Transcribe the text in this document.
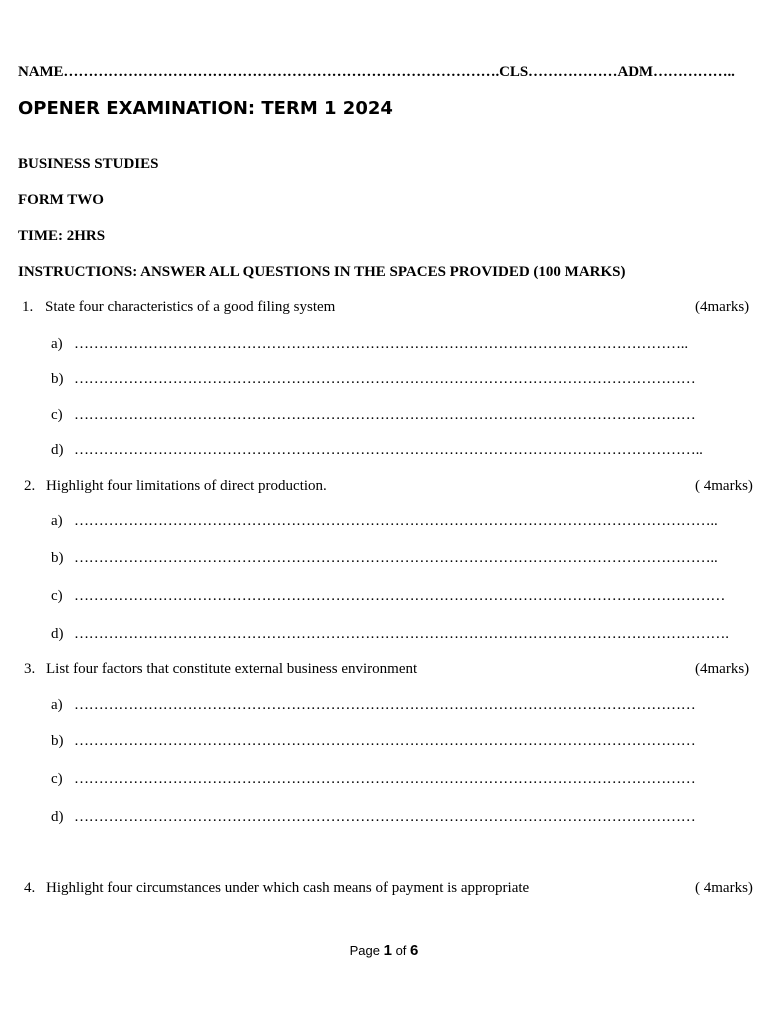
NAME…………………………………………………………………………….CLS………………ADM……………..
OPENER EXAMINATION: TERM 1 2024
BUSINESS STUDIES
FORM TWO
TIME: 2HRS
INSTRUCTIONS: ANSWER ALL QUESTIONS IN THE SPACES PROVIDED (100 MARKS)
1. State four characteristics of a good filing system	(4marks)
a) ……………………………………………………………………………………………………………..
b) ………………………………………………………………………………………………………………
c) ………………………………………………………………………………………………………………
d) ………………………………………………………………………………………………………………..
2. Highlight four limitations of direct production.	( 4marks)
a) …………………………………………………………………………………………………………………..
b) …………………………………………………………………………………………………………………..
c) ……………………………………………………………………………………………………………………
d) …………………………………………………………………………………………………………………….
3. List four factors that constitute external business environment	(4marks)
a) ………………………………………………………………………………………………………………
b) ………………………………………………………………………………………………………………
c) ………………………………………………………………………………………………………………
d) ………………………………………………………………………………………………………………
4. Highlight four circumstances under which cash means of payment is appropriate	( 4marks)
Page 1 of 6
